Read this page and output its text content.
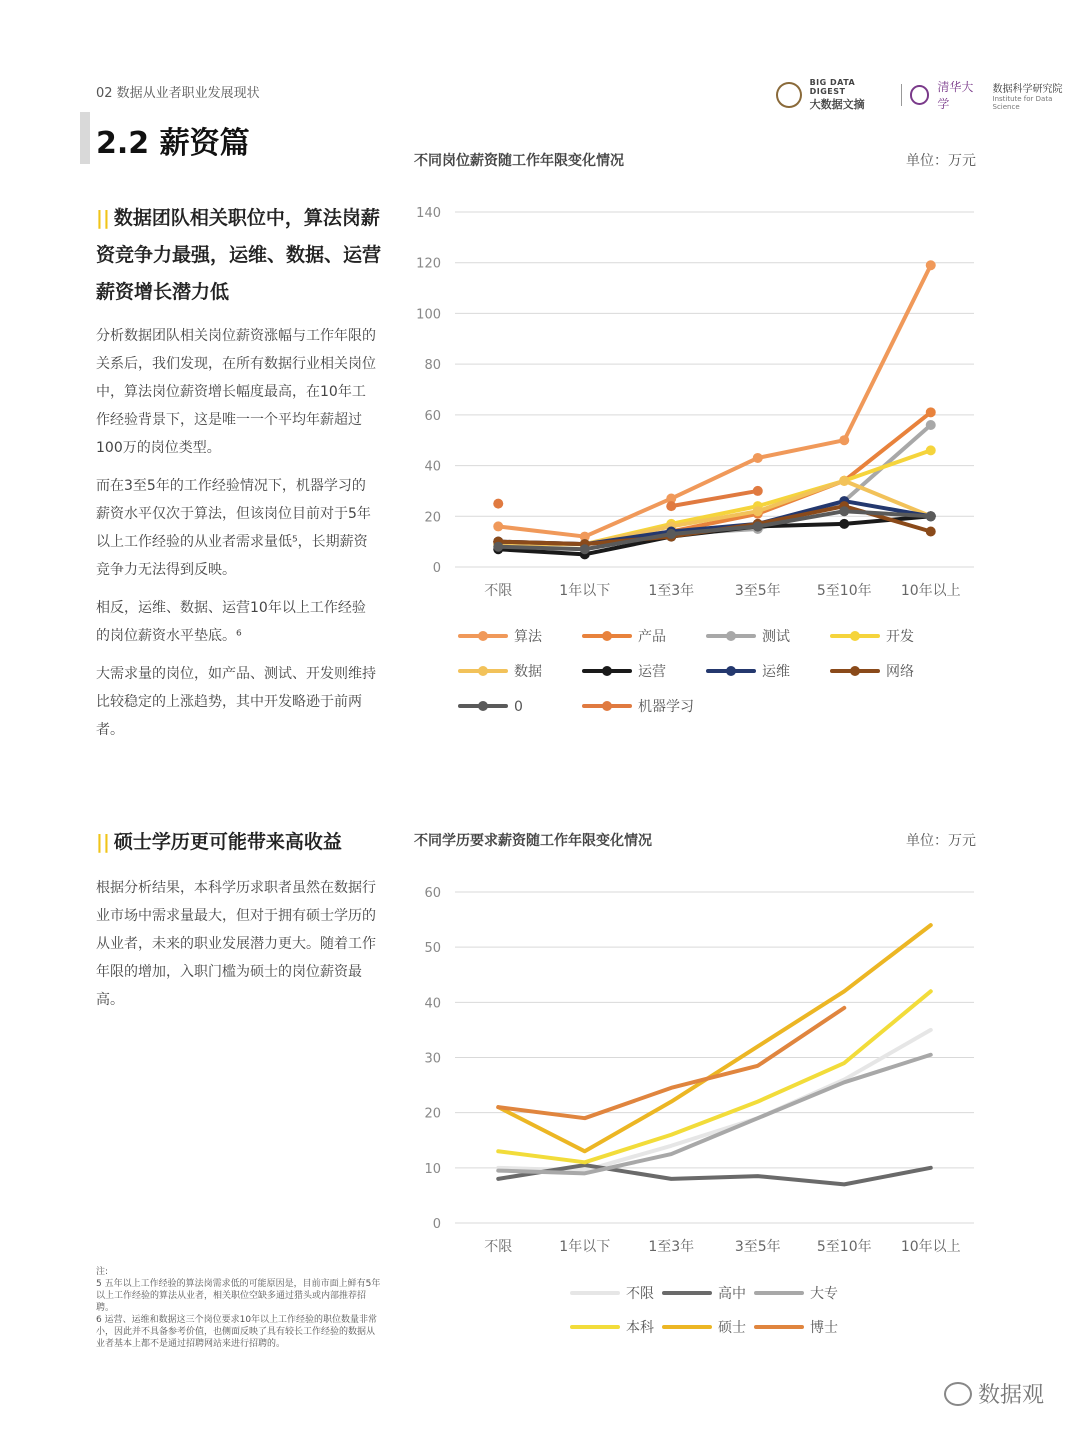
02 数据从业者职业发展现状
BIG DATA DIGEST
大数据文摘
清华大学
数据科学研究院
Institute for Data Science
2.2 薪资篇
|| 数据团队相关职位中，算法岗薪资竞争力最强，运维、数据、运营薪资增长潜力低

分析数据团队相关岗位薪资涨幅与工作年限的关系后，我们发现，在所有数据行业相关岗位中，算法岗位薪资增长幅度最高，在10年工作经验背景下，这是唯一一个平均年薪超过100万的岗位类型。

而在3至5年的工作经验情况下，机器学习的薪资水平仅次于算法，但该岗位目前对于5年以上工作经验的从业者需求量低⁵，长期薪资竞争力无法得到反映。

相反，运维、数据、运营10年以上工作经验的岗位薪资水平垫底。⁶

大需求量的岗位，如产品、测试、开发则维持比较稳定的上涨趋势，其中开发略逊于前两者。

|| 硕士学历更可能带来高收益

根据分析结果，本科学历求职者虽然在数据行业市场中需求量最大，但对于拥有硕士学历的从业者，未来的职业发展潜力更大。随着工作年限的增加，入职门槛为硕士的岗位薪资最高。

不同岗位薪资随工作年限变化情况	单位：万元
0
20
40
60
80
100
120
140
不限	1年以下	1至3年	3至5年	5至10年 10年以上
算法	产品	测试	开发
数据	运营	运维	网络
0	机器学习
不同学历要求薪资随工作年限变化情况	单位：万元
0
10
20
30
40
50
60
不限	1年以下	1至3年	3至5年	5至10年 10年以上
不限	高中	大专
本科	硕士	博士

注:

5 五年以上工作经验的算法岗需求低的可能原因是，目前市面上鲜有5年以上工作经验的算法从业者，相关职位空缺多通过猎头或内部推荐招聘。

6 运营、运维和数据这三个岗位要求10年以上工作经验的职位数量非常小，因此并不具备参考价值，也侧面反映了具有较长工作经验的数据从业者基本上都不是通过招聘网站来进行招聘的。

数据观
